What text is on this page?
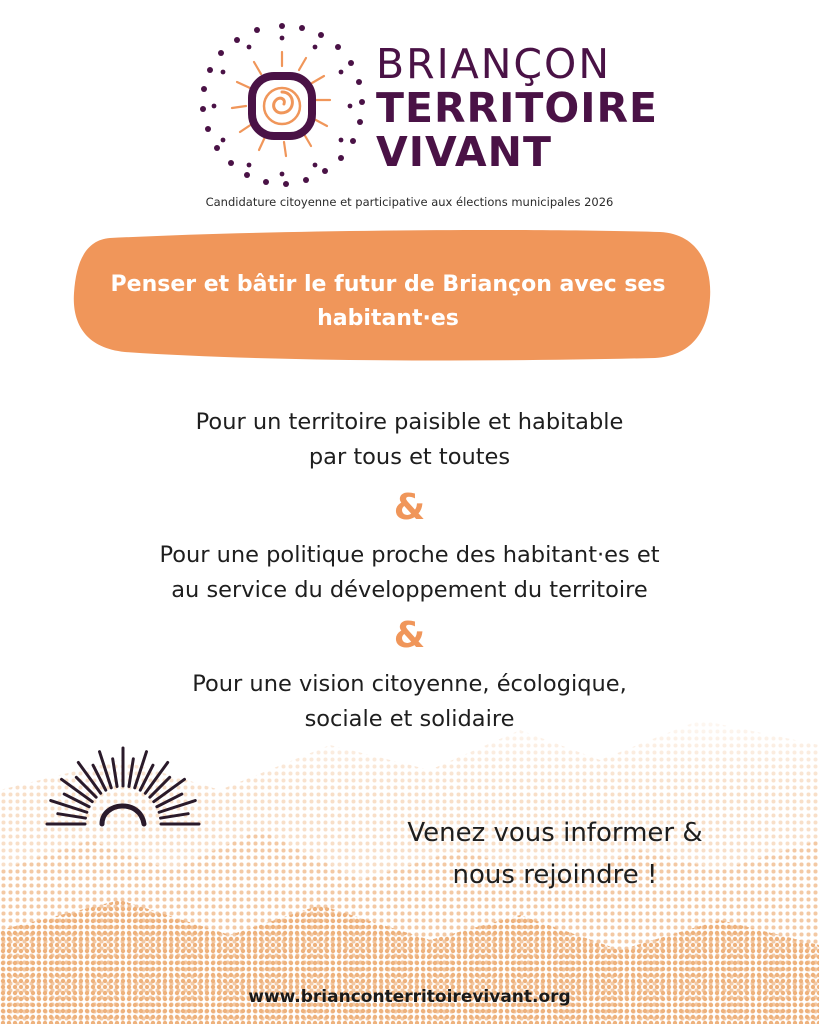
BRIANÇON
TERRITOIRE
VIVANT
Candidature citoyenne et participative aux élections municipales 2026
Penser et bâtir le futur de Briançon avec ses habitant·es
Pour un territoire paisible et habitable
par tous et toutes
&
Pour une politique proche des habitant·es et
au service du développement du territoire
&
Pour une vision citoyenne, écologique,
sociale et solidaire
Venez vous informer &
nous rejoindre !
www.brianconterritoirevivant.org
